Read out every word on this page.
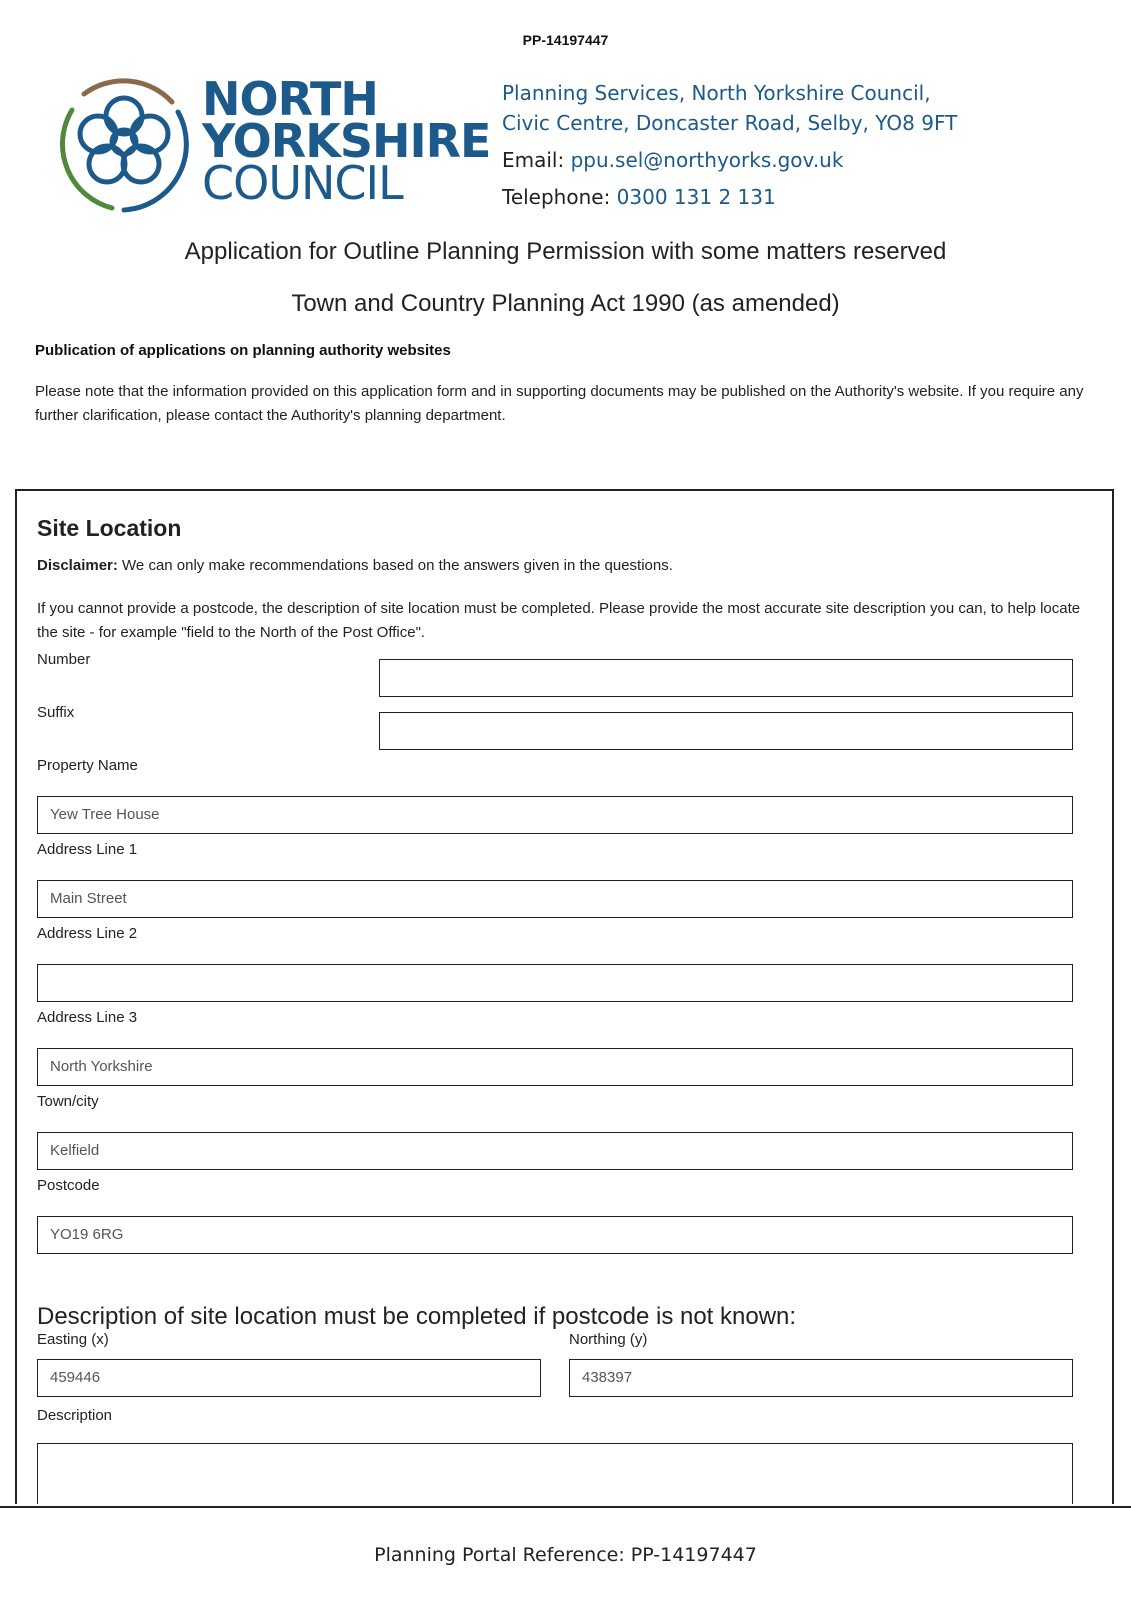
PP-14197447
NORTH
YORKSHIRE
COUNCIL
Planning Services, North Yorkshire Council,
Civic Centre, Doncaster Road, Selby, YO8 9FT
Email: ppu.sel@northyorks.gov.uk
Telephone: 0300 131 2 131
Application for Outline Planning Permission with some matters reserved
Town and Country Planning Act 1990 (as amended)
Publication of applications on planning authority websites
Please note that the information provided on this application form and in supporting documents may be published on the Authority's website. If you require any further clarification, please contact the Authority's planning department.
Site Location
Disclaimer: We can only make recommendations based on the answers given in the questions.
If you cannot provide a postcode, the description of site location must be completed. Please provide the most accurate site description you can, to help locate the site - for example "field to the North of the Post Office".
Number
Suffix
Property Name
Yew Tree House
Address Line 1
Main Street
Address Line 2
Address Line 3
North Yorkshire
Town/city
Kelfield
Postcode
YO19 6RG
Description of site location must be completed if postcode is not known:
Easting (x)
459446
Northing (y)
438397
Description
Planning Portal Reference: PP-14197447
